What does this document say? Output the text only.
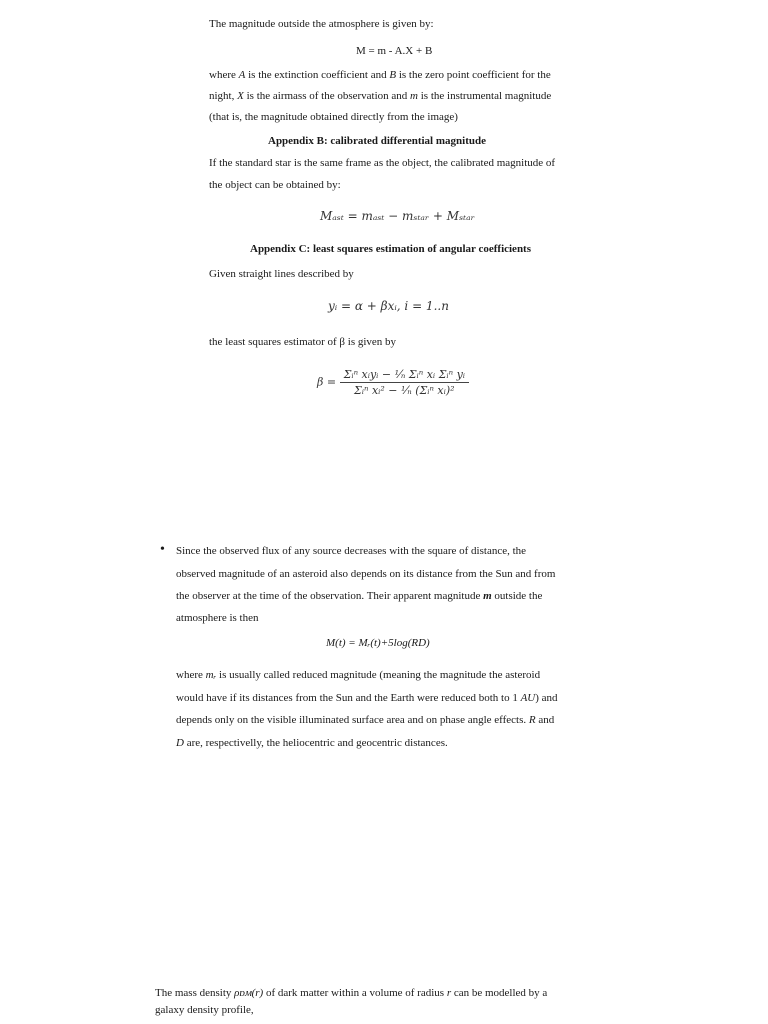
The magnitude outside the atmosphere is given by:
M = m - A.X + B
where A is the extinction coefficient and B is the zero point coefficient for the
night, X is the airmass of the observation and m is the instrumental magnitude
(that is, the magnitude obtained directly from the image)
Appendix B: calibrated differential magnitude
If the standard star is the same frame as the object, the calibrated magnitude of
the object can be obtained by:
Mₐₛₜ = mₐₛₜ − mₛₜₐᵣ + Mₛₜₐᵣ
Appendix C: least squares estimation of angular coefficients
Given straight lines described by
yᵢ = α + βxᵢ, i = 1..n
the least squares estimator of β is given by
$\beta = \frac{\text{Σᵢⁿ xᵢyᵢ − ¹⁄ₙ Σᵢⁿ xᵢ Σᵢⁿ yᵢ}}{\text{Σᵢⁿ xᵢ² − ¹⁄ₙ (Σᵢⁿ xᵢ)²}}$
• Since the observed flux of any source decreases with the square of distance, the
observed magnitude of an asteroid also depends on its distance from the Sun and from
the observer at the time of the observation. Their apparent magnitude m outside the
atmosphere is then
M(t) = Mᵣ(t)+5log(RD)
where mᵣ is usually called reduced magnitude (meaning the magnitude the asteroid
would have if its distances from the Sun and the Earth were reduced both to 1 AU) and
depends only on the visible illuminated surface area and on phase angle effects. R and
D are, respectivelly, the heliocentric and geocentric distances.
The mass density ρᴅᴍ(r) of dark matter within a volume of radius r can be modelled by a
galaxy density profile,
